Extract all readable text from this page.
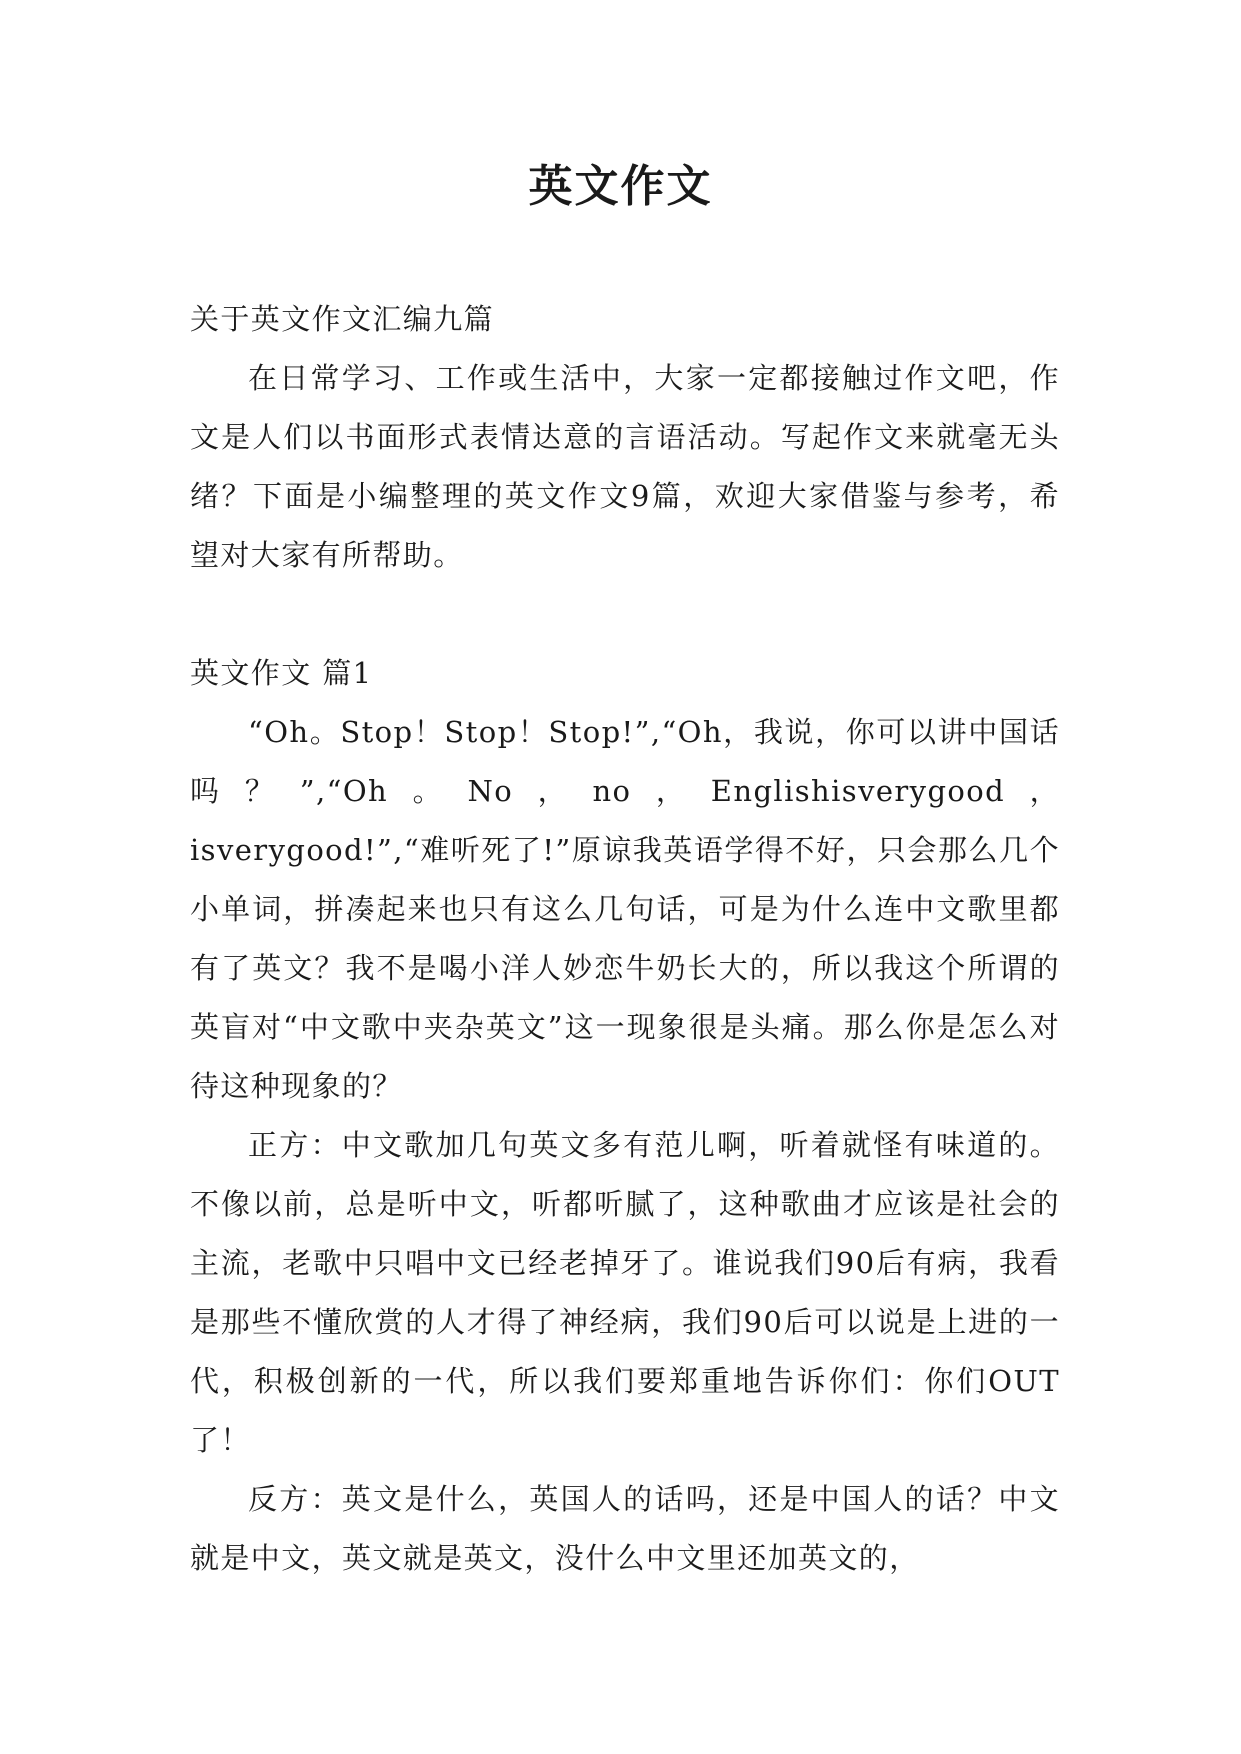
英文作文

关于英文作文汇编九篇

在日常学习、工作或生活中，大家一定都接触过作文吧，作文是人们以书面形式表情达意的言语活动。写起作文来就毫无头绪？下面是小编整理的英文作文9篇，欢迎大家借鉴与参考，希望对大家有所帮助。

英文作文 篇1

“Oh。Stop！Stop！Stop!”,“Oh，我说，你可以讲中国话吗？”,“Oh。No，no，Englishisverygood，isverygood!”,“难听死了!”原谅我英语学得不好，只会那么几个小单词，拼凑起来也只有这么几句话，可是为什么连中文歌里都有了英文？我不是喝小洋人妙恋牛奶长大的，所以我这个所谓的英盲对“中文歌中夹杂英文”这一现象很是头痛。那么你是怎么对待这种现象的？

正方：中文歌加几句英文多有范儿啊，听着就怪有味道的。不像以前，总是听中文，听都听腻了，这种歌曲才应该是社会的主流，老歌中只唱中文已经老掉牙了。谁说我们90后有病，我看是那些不懂欣赏的人才得了神经病，我们90后可以说是上进的一代，积极创新的一代，所以我们要郑重地告诉你们：你们OUT了！

反方：英文是什么，英国人的话吗，还是中国人的话？中文就是中文，英文就是英文，没什么中文里还加英文的，
